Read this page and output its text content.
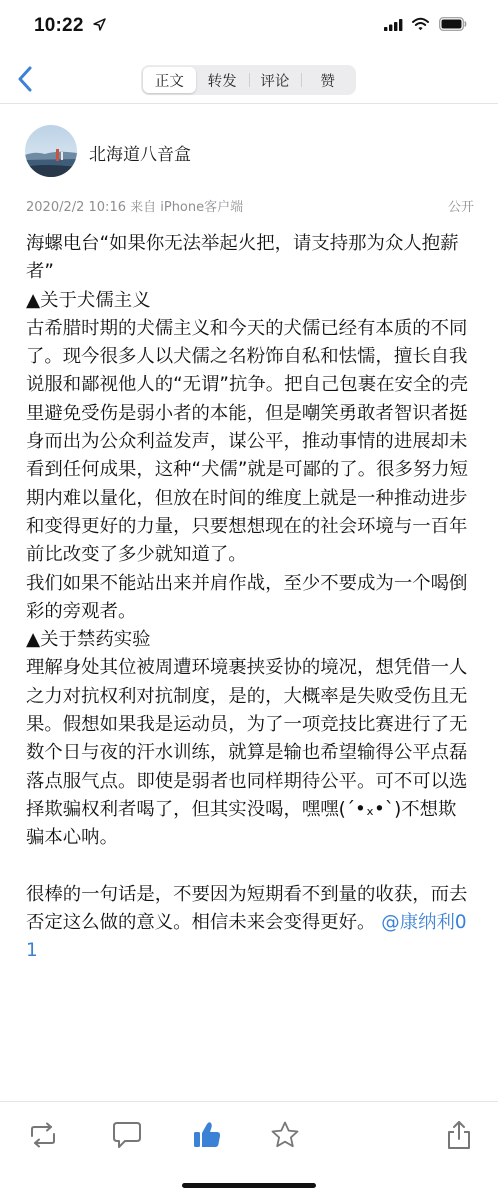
10:22
正文 转发 评论 赞
北海道八音盒
2020/2/2 10:16 来自 iPhone客户端	公开
海螺电台“如果你无法举起火把，请支持那为众人抱薪者”
▲关于犬儒主义
古希腊时期的犬儒主义和今天的犬儒已经有本质的不同了。现今很多人以犬儒之名粉饰自私和怯懦，擅长自我说服和鄙视他人的“无谓”抗争。把自己包裹在安全的壳里避免受伤是弱小者的本能，但是嘲笑勇敢者智识者挺身而出为公众利益发声，谋公平，推动事情的进展却未看到任何成果，这种“犬儒”就是可鄙的了。很多努力短期内难以量化，但放在时间的维度上就是一种推动进步和变得更好的力量，只要想想现在的社会环境与一百年前比改变了多少就知道了。
我们如果不能站出来并肩作战，至少不要成为一个喝倒彩的旁观者。
▲关于禁药实验
理解身处其位被周遭环境裹挟妥协的境况，想凭借一人之力对抗权利对抗制度，是的，大概率是失败受伤且无果。假想如果我是运动员，为了一项竞技比赛进行了无数个日与夜的汗水训练，就算是输也希望输得公平点磊落点服气点。即使是弱者也同样期待公平。可不可以选择欺骗权利者喝了，但其实没喝，嘿嘿(´•ₓ•`)不想欺骗本心呐。

很棒的一句话是，不要因为短期看不到量的收获，而去否定这么做的意义。相信未来会变得更好。 @康纳利01
